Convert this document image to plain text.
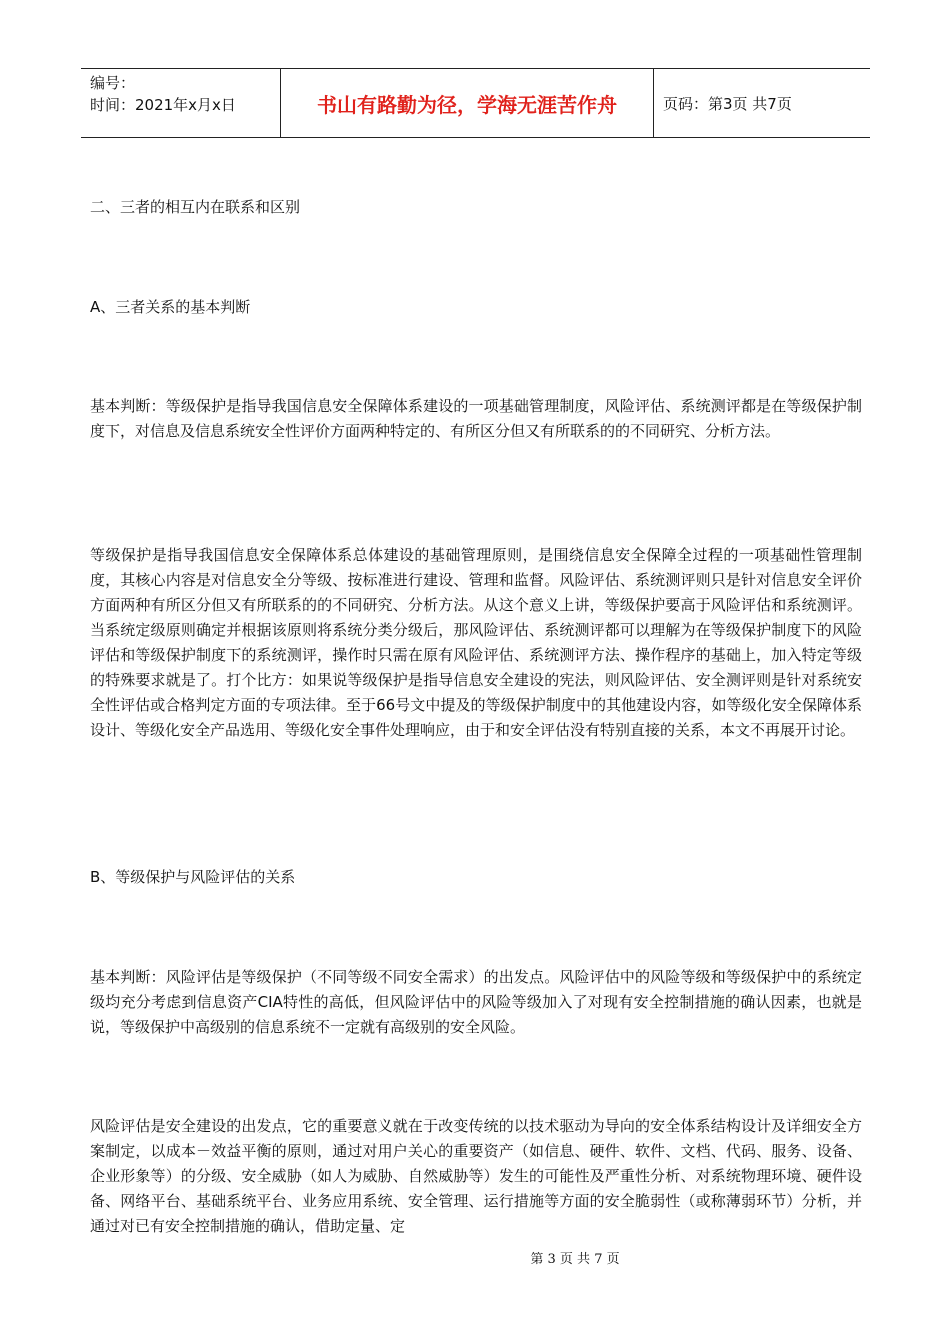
编号：
时间：2021年x月x日	书山有路勤为径，学海无涯苦作舟	页码：第3页 共7页
二、三者的相互内在联系和区别
A、三者关系的基本判断

基本判断：等级保护是指导我国信息安全保障体系建设的一项基础管理制度，风险评估、系统测评都是在等级保护制度下，对信息及信息系统安全性评价方面两种特定的、有所区分但又有所联系的的不同研究、分析方法。

等级保护是指导我国信息安全保障体系总体建设的基础管理原则，是围绕信息安全保障全过程的一项基础性管理制度，其核心内容是对信息安全分等级、按标准进行建设、管理和监督。风险评估、系统测评则只是针对信息安全评价方面两种有所区分但又有所联系的的不同研究、分析方法。从这个意义上讲，等级保护要高于风险评估和系统测评。当系统定级原则确定并根据该原则将系统分类分级后，那风险评估、系统测评都可以理解为在等级保护制度下的风险评估和等级保护制度下的系统测评，操作时只需在原有风险评估、系统测评方法、操作程序的基础上，加入特定等级的特殊要求就是了。打个比方：如果说等级保护是指导信息安全建设的宪法，则风险评估、安全测评则是针对系统安全性评估或合格判定方面的专项法律。至于66号文中提及的等级保护制度中的其他建设内容，如等级化安全保障体系设计、等级化安全产品选用、等级化安全事件处理响应，由于和安全评估没有特别直接的关系，本文不再展开讨论。

B、等级保护与风险评估的关系

基本判断：风险评估是等级保护（不同等级不同安全需求）的出发点。风险评估中的风险等级和等级保护中的系统定级均充分考虑到信息资产CIA特性的高低，但风险评估中的风险等级加入了对现有安全控制措施的确认因素，也就是说，等级保护中高级别的信息系统不一定就有高级别的安全风险。

风险评估是安全建设的出发点，它的重要意义就在于改变传统的以技术驱动为导向的安全体系结构设计及详细安全方案制定，以成本－效益平衡的原则，通过对用户关心的重要资产（如信息、硬件、软件、文档、代码、服务、设备、企业形象等）的分级、安全威胁（如人为威胁、自然威胁等）发生的可能性及严重性分析、对系统物理环境、硬件设备、网络平台、基础系统平台、业务应用系统、安全管理、运行措施等方面的安全脆弱性（或称薄弱环节）分析，并通过对已有安全控制措施的确认，借助定量、定

第 3 页 共 7 页
